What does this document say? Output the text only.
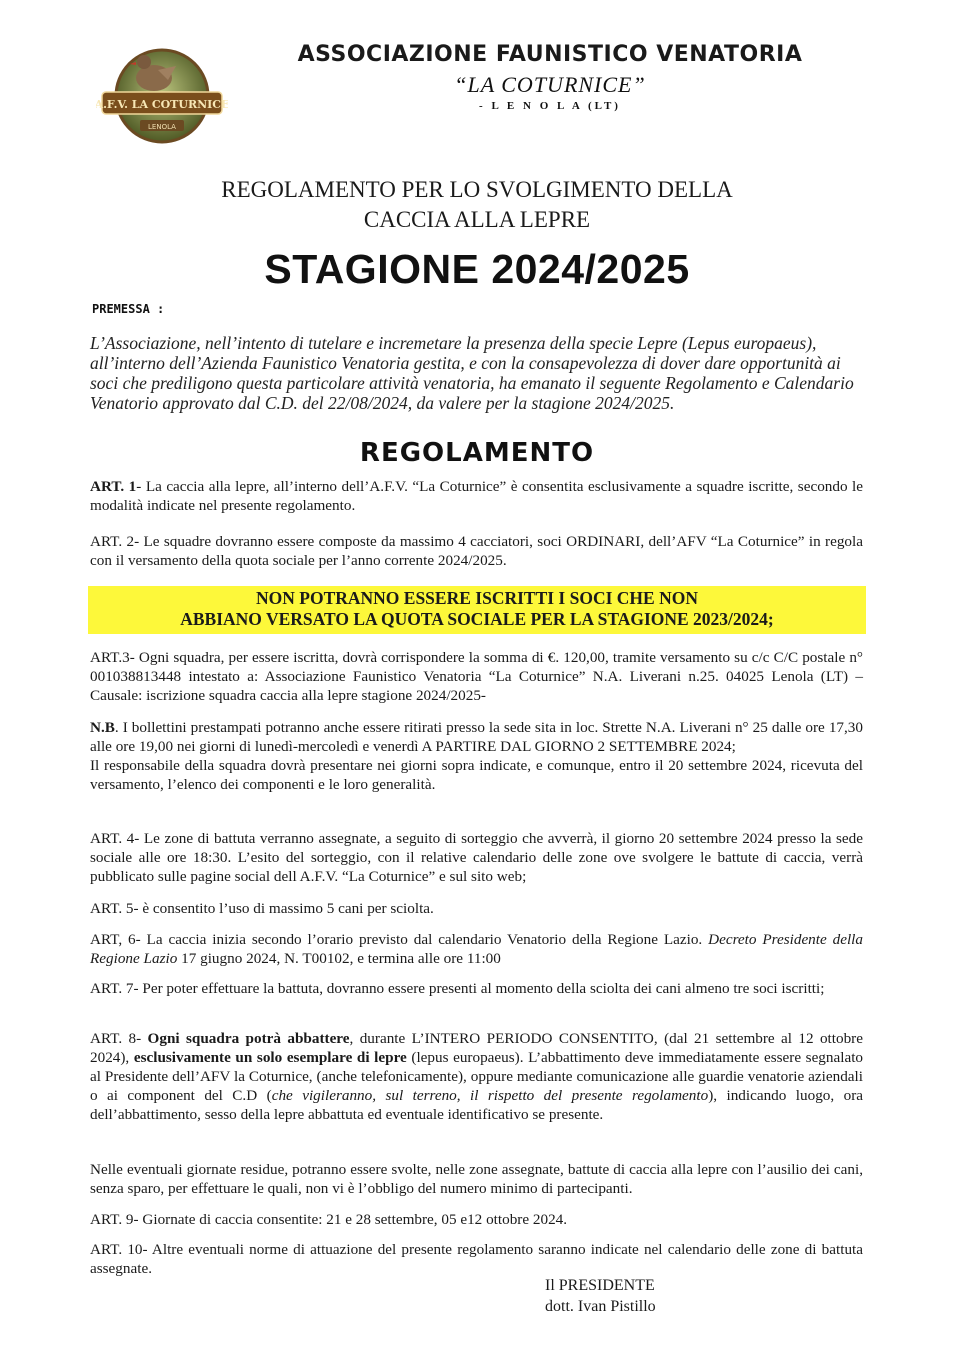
A.F.V. LA COTURNICE
LENOLA
ASSOCIAZIONE FAUNISTICO VENATORIA
“LA COTURNICE”
- L E N O L A (LT)
REGOLAMENTO PER LO SVOLGIMENTO DELLA
CACCIA ALLA LEPRE
STAGIONE 2024/2025
PREMESSA :
L’Associazione, nell’intento di tutelare e incremetare la presenza della specie Lepre (Lepus europaeus), all’interno dell’Azienda Faunistico Venatoria gestita, e con la consapevolezza di dover dare opportunità ai soci che prediligono questa particolare attività venatoria, ha emanato il seguente Regolamento e Calendario Venatorio approvato dal C.D. del 22/08/2024, da valere per la stagione 2024/2025.
REGOLAMENTO
ART. 1- La caccia alla lepre, all’interno dell’A.F.V. “La Coturnice” è consentita esclusivamente a squadre iscritte, secondo le modalità indicate nel presente regolamento.
ART. 2- Le squadre dovranno essere composte da massimo 4 cacciatori, soci ORDINARI, dell’AFV “La Coturnice” in regola con il versamento della quota sociale per l’anno corrente 2024/2025.
NON POTRANNO ESSERE ISCRITTI I SOCI CHE NON
ABBIANO VERSATO LA QUOTA SOCIALE PER LA STAGIONE 2023/2024;
ART.3- Ogni squadra, per essere iscritta, dovrà corrispondere la somma di €. 120,00, tramite versamento su c/c C/C postale n° 001038813448 intestato a: Associazione Faunistico Venatoria “La Coturnice” N.A. Liverani n.25. 04025 Lenola (LT) – Causale: iscrizione squadra caccia alla lepre stagione 2024/2025-
N.B. I bollettini prestampati potranno anche essere ritirati presso la sede sita in loc. Strette N.A. Liverani n° 25 dalle ore 17,30 alle ore 19,00 nei giorni di lunedì-mercoledì e venerdì A PARTIRE DAL GIORNO 2 SETTEMBRE 2024;
Il responsabile della squadra dovrà presentare nei giorni sopra indicate, e comunque, entro il 20 settembre 2024, ricevuta del versamento, l’elenco dei componenti e le loro generalità.
ART. 4- Le zone di battuta verranno assegnate, a seguito di sorteggio che avverrà, il giorno 20 settembre 2024 presso la sede sociale alle ore 18:30. L’esito del sorteggio, con il relative calendario delle zone ove svolgere le battute di caccia, verrà pubblicato sulle pagine social dell A.F.V. “La Coturnice” e sul sito web;
ART. 5- è consentito l’uso di massimo 5 cani per sciolta.
ART, 6- La caccia inizia secondo l’orario previsto dal calendario Venatorio della Regione Lazio. Decreto Presidente della Regione Lazio 17 giugno 2024, N. T00102, e termina alle ore 11:00
ART. 7- Per poter effettuare la battuta, dovranno essere presenti al momento della sciolta dei cani almeno tre soci iscritti;
ART. 8- Ogni squadra potrà abbattere, durante L’INTERO PERIODO CONSENTITO, (dal 21 settembre al 12 ottobre 2024), esclusivamente un solo esemplare di lepre (lepus europaeus). L’abbattimento deve immediatamente essere segnalato al Presidente dell’AFV la Coturnice, (anche telefonicamente), oppure mediante comunicazione alle guardie venatorie aziendali o ai component del C.D (che vigileranno, sul terreno, il rispetto del presente regolamento), indicando luogo, ora dell’abbattimento, sesso della lepre abbattuta ed eventuale identificativo se presente.
Nelle eventuali giornate residue, potranno essere svolte, nelle zone assegnate, battute di caccia alla lepre con l’ausilio dei cani, senza sparo, per effettuare le quali, non vi è l’obbligo del numero minimo di partecipanti.
ART. 9- Giornate di caccia consentite: 21 e 28 settembre, 05 e12 ottobre 2024.
ART. 10- Altre eventuali norme di attuazione del presente regolamento saranno indicate nel calendario delle zone di battuta assegnate.
Il PRESIDENTE
dott. Ivan Pistillo
